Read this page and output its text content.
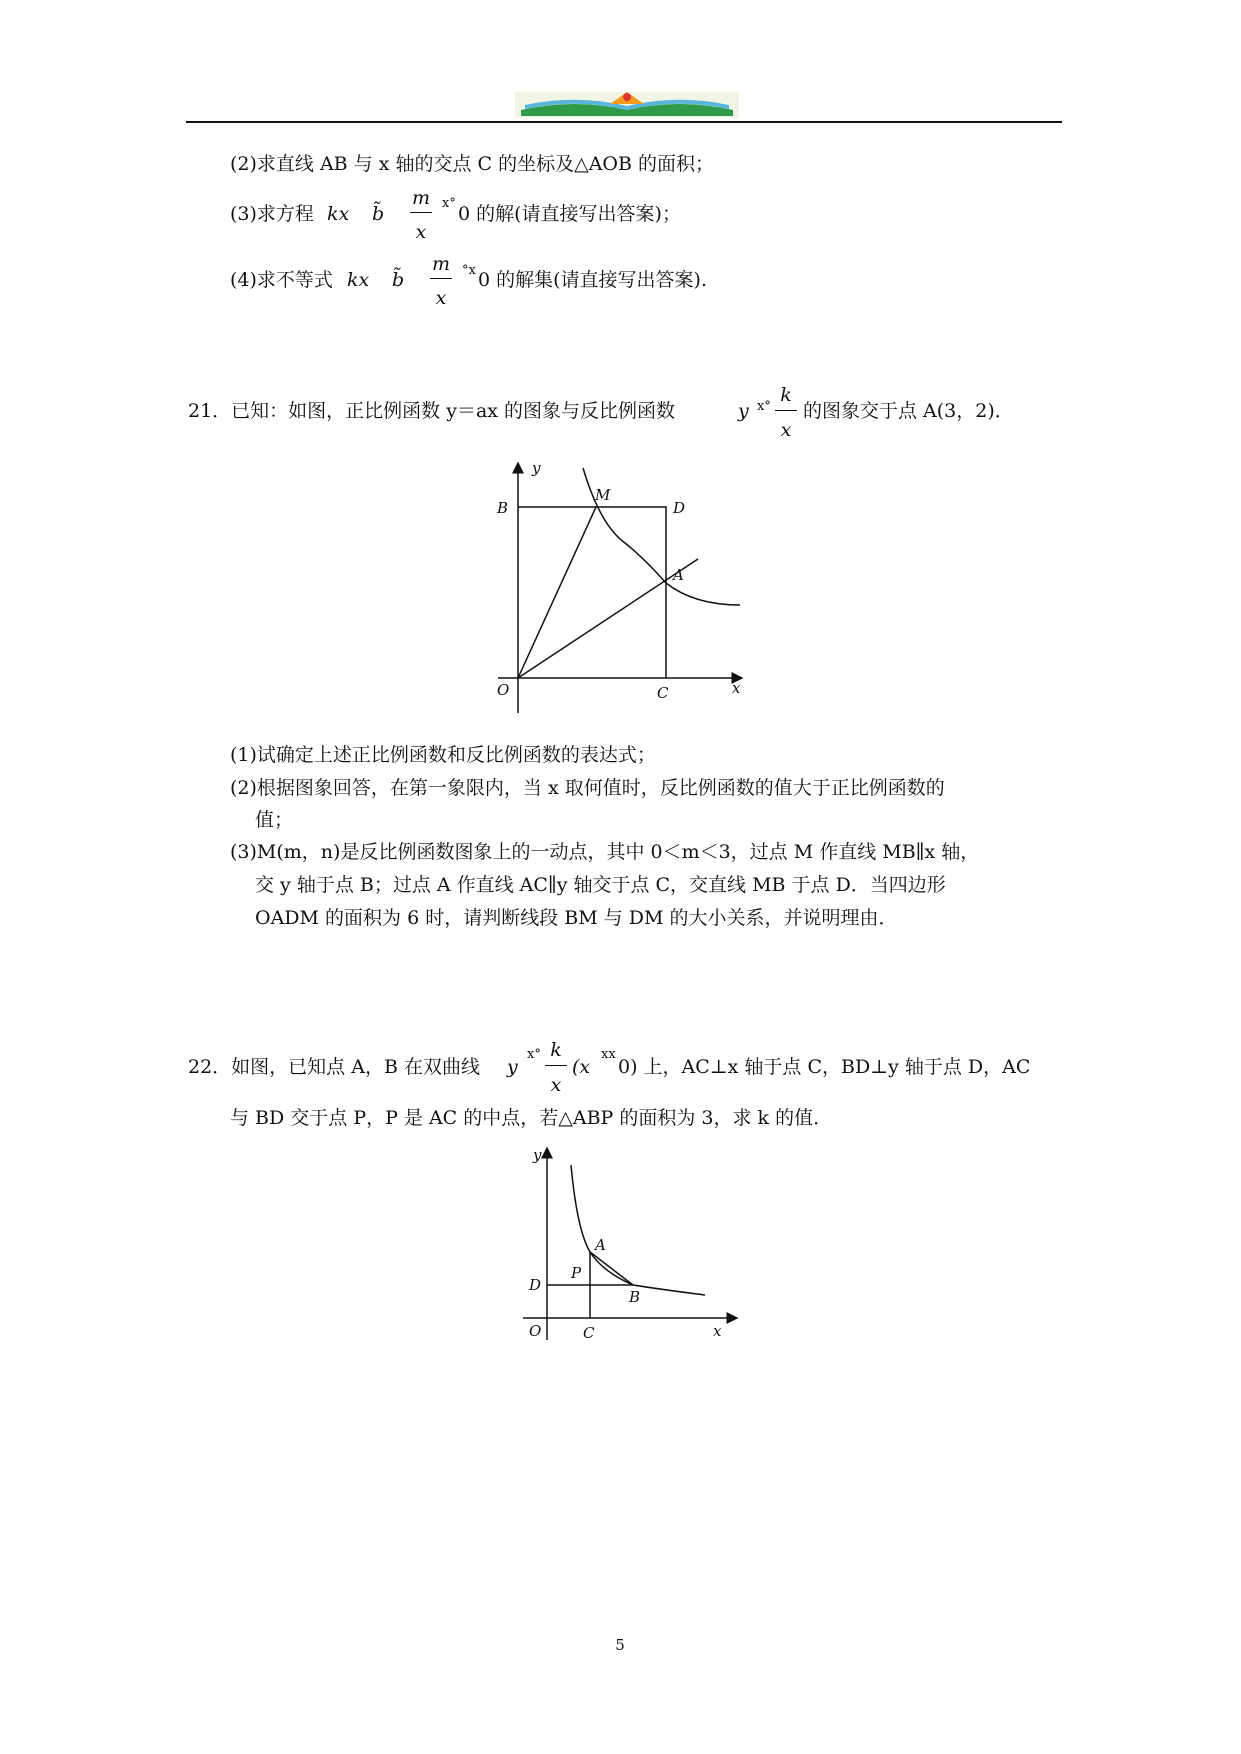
(2)求直线 AB 与 x 轴的交点 C 的坐标及△AOB 的面积；
(3)求方程 kx b̃
m
x
x° 0 的解(请直接写出答案)；
(4)求不等式 kx b̃
m
x
°x 0 的解集(请直接写出答案).
21．已知：如图，正比例函数 y＝ax 的图象与反比例函数	y x°
k
x
的图象交于点 A(3，2)．
y
x
O
B
M
D
A
C
(1)试确定上述正比例函数和反比例函数的表达式；
(2)根据图象回答，在第一象限内，当 x 取何值时，反比例函数的值大于正比例函数的
值；
(3)M(m，n)是反比例函数图象上的一动点，其中 0＜m＜3，过点 M 作直线 MB∥x 轴，
交 y 轴于点 B；过点 A 作直线 AC∥y 轴交于点 C，交直线 MB 于点 D．当四边形
OADM 的面积为 6 时，请判断线段 BM 与 DM 的大小关系，并说明理由．
22．如图，已知点 A，B 在双曲线 y
x° k
x
(x
xx
0) 上，AC⊥x 轴于点 C，BD⊥y 轴于点 D，AC
与 BD 交于点 P，P 是 AC 的中点，若△ABP 的面积为 3，求 k 的值．
y
x
O
A
P
D
B
C
5
